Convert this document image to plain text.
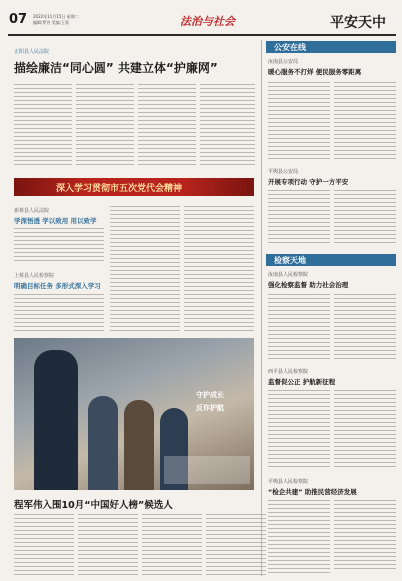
07 2022年11月15日 星期二
编辑:罗芳 美编:王希	法治与社会	平安天中
正阳县人民法院
描绘廉洁“同心圆” 共建立体“护廉网”
深入学习贯彻市五次党代会精神
新蔡县人民法院
学深悟透 学以致用 用以致学
上蔡县人民检察院
明确目标任务 多形式深入学习
守护成长
反诈护航
程军伟入围10月“中国好人榜”候选人
公安在线
汝南县公安局
暖心服务不打烊 便民服务零距离
平舆县公安局
开展专项行动 守护一方平安
检察天地
汝南县人民检察院
强化检察监督 助力社会治理
西平县人民检察院
监督促公正 护航新征程
平舆县人民检察院
“检企共建” 助推民营经济发展
